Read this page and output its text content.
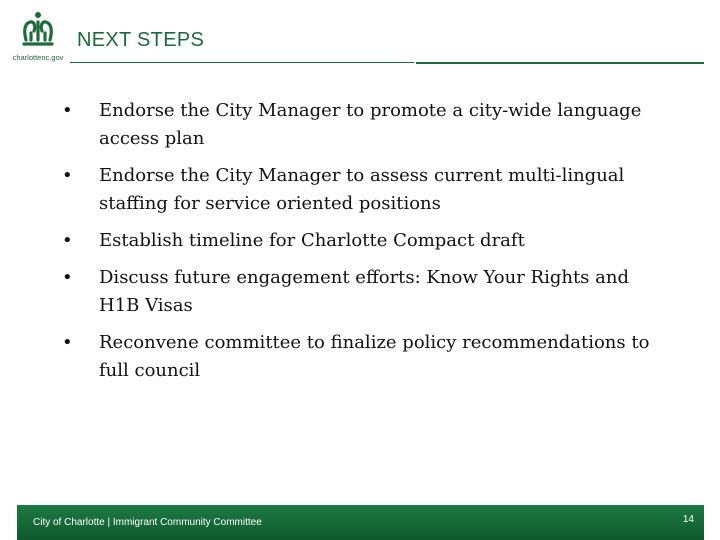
charlottenc.gov
NEXT STEPS
• Endorse the City Manager to promote a city-wide language access plan
• Endorse the City Manager to assess current multi-lingual staffing for service oriented positions
• Establish timeline for Charlotte Compact draft
• Discuss future engagement efforts: Know Your Rights and H1B Visas
• Reconvene committee to finalize policy recommendations to full council
City of Charlotte | Immigrant Community Committee	14
